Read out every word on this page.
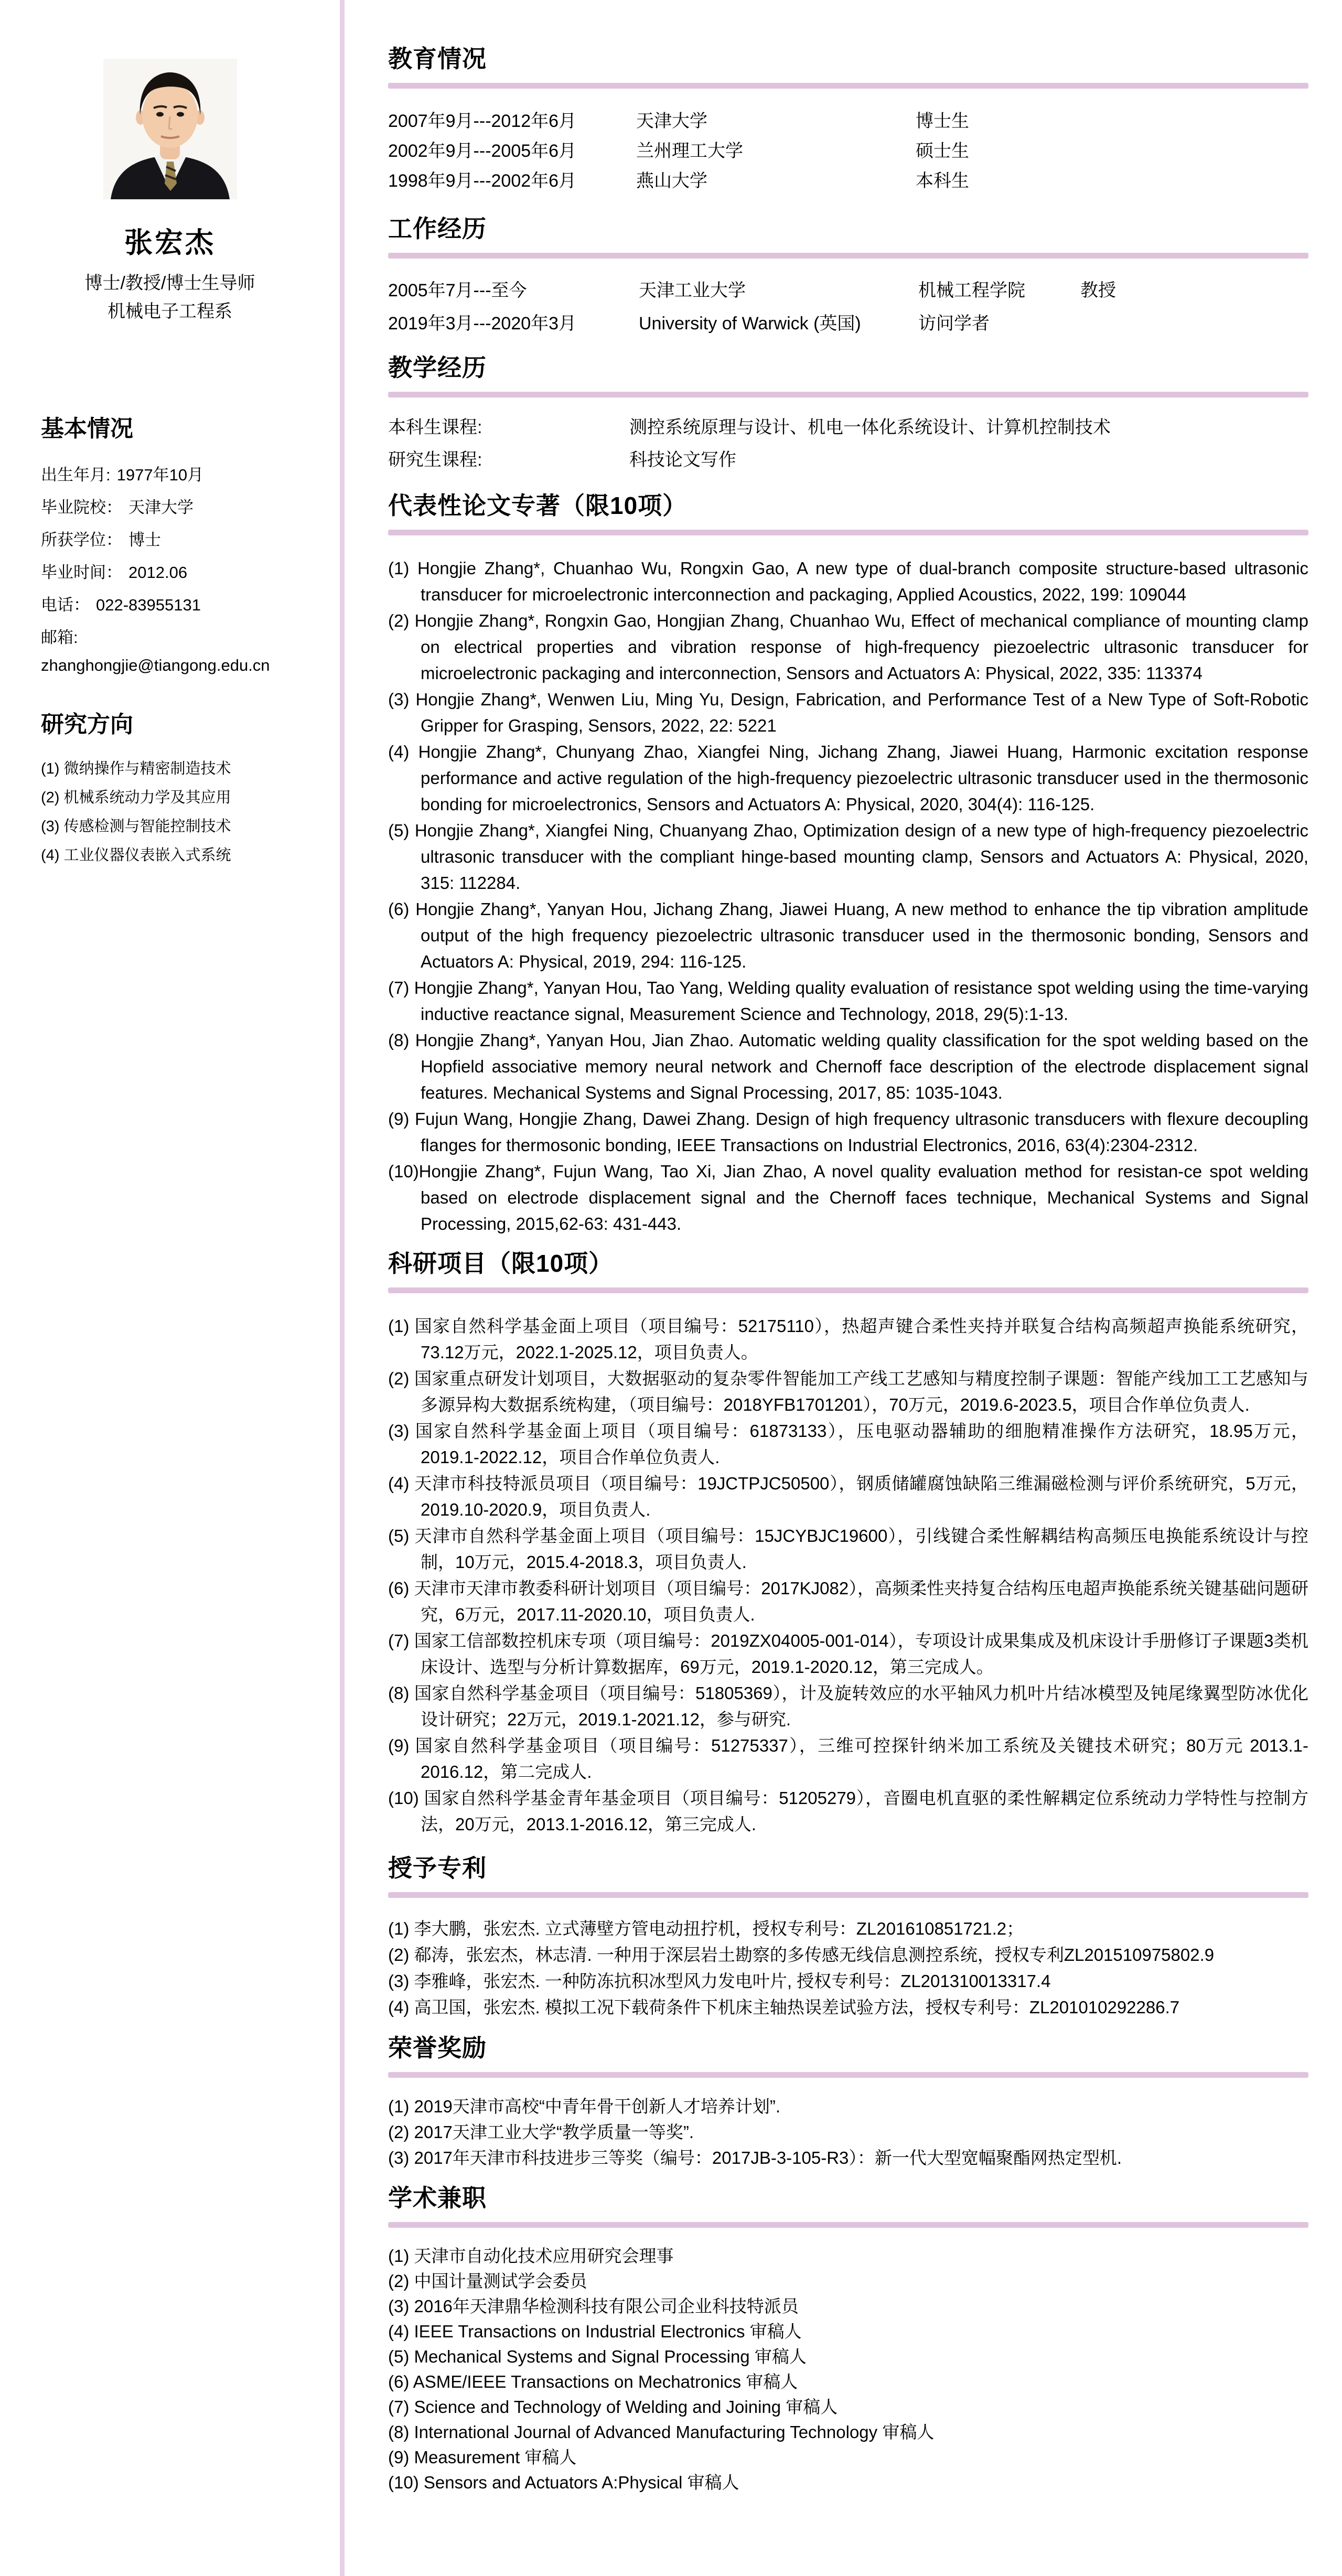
张宏杰
博士/教授/博士生导师
机械电子工程系
基本情况
出生年月: 1977年10月
毕业院校： 天津大学
所获学位： 博士
毕业时间： 2012.06
电话： 022-83955131
邮箱:
zhanghongjie@tiangong.edu.cn
研究方向
(1) 微纳操作与精密制造技术
(2) 机械系统动力学及其应用
(3) 传感检测与智能控制技术
(4) 工业仪器仪表嵌入式系统
教育情况
2007年9月---2012年6月	天津大学	博士生
2002年9月---2005年6月	兰州理工大学	硕士生
1998年9月---2002年6月	燕山大学	本科生
工作经历
2005年7月---至今	天津工业大学	机械工程学院	教授
2019年3月---2020年3月	University of Warwick (英国)	访问学者
教学经历
本科生课程:	测控系统原理与设计、机电一体化系统设计、计算机控制技术
研究生课程:	科技论文写作
代表性论文专著（限10项）
(1) Hongjie Zhang*, Chuanhao Wu, Rongxin Gao, A new type of dual-branch composite structure-based ultrasonic transducer for microelectronic interconnection and packaging, Applied Acoustics, 2022, 199: 109044
(2) Hongjie Zhang*, Rongxin Gao, Hongjian Zhang, Chuanhao Wu, Effect of mechanical compliance of mounting clamp on electrical properties and vibration response of high-frequency piezoelectric ultrasonic transducer for microelectronic packaging and interconnection, Sensors and Actuators A: Physical, 2022, 335: 113374
(3) Hongjie Zhang*, Wenwen Liu, Ming Yu, Design, Fabrication, and Performance Test of a New Type of Soft-Robotic Gripper for Grasping, Sensors, 2022, 22: 5221
(4) Hongjie Zhang*, Chunyang Zhao, Xiangfei Ning, Jichang Zhang, Jiawei Huang, Harmonic excitation response performance and active regulation of the high-frequency piezoelectric ultrasonic transducer used in the thermosonic bonding for microelectronics, Sensors and Actuators A: Physical, 2020, 304(4): 116-125.
(5) Hongjie Zhang*, Xiangfei Ning, Chuanyang Zhao, Optimization design of a new type of high-frequency piezoelectric ultrasonic transducer with the compliant hinge-based mounting clamp, Sensors and Actuators A: Physical, 2020, 315: 112284.
(6) Hongjie Zhang*, Yanyan Hou, Jichang Zhang, Jiawei Huang, A new method to enhance the tip vibration amplitude output of the high frequency piezoelectric ultrasonic transducer used in the thermosonic bonding, Sensors and Actuators A: Physical, 2019, 294: 116-125.
(7) Hongjie Zhang*, Yanyan Hou, Tao Yang, Welding quality evaluation of resistance spot welding using the time-varying inductive reactance signal, Measurement Science and Technology, 2018, 29(5):1-13.
(8) Hongjie Zhang*, Yanyan Hou, Jian Zhao. Automatic welding quality classification for the spot welding based on the Hopfield associative memory neural network and Chernoff face description of the electrode displacement signal features. Mechanical Systems and Signal Processing, 2017, 85: 1035-1043.
(9) Fujun Wang, Hongjie Zhang, Dawei Zhang. Design of high frequency ultrasonic transducers with flexure decoupling flanges for thermosonic bonding, IEEE Transactions on Industrial Electronics, 2016, 63(4):2304-2312.
(10)Hongjie Zhang*, Fujun Wang, Tao Xi, Jian Zhao, A novel quality evaluation method for resistan-ce spot welding based on electrode displacement signal and the Chernoff faces technique, Mechanical Systems and Signal Processing, 2015,62-63: 431-443.
科研项目（限10项）
(1) 国家自然科学基金面上项目（项目编号：52175110），热超声键合柔性夹持并联复合结构高频超声换能系统研究，73.12万元，2022.1-2025.12，项目负责人。
(2) 国家重点研发计划项目，大数据驱动的复杂零件智能加工产线工艺感知与精度控制子课题：智能产线加工工艺感知与多源异构大数据系统构建，（项目编号：2018YFB1701201），70万元，2019.6-2023.5，项目合作单位负责人.
(3) 国家自然科学基金面上项目（项目编号：61873133），压电驱动器辅助的细胞精准操作方法研究，18.95万元，2019.1-2022.12，项目合作单位负责人.
(4) 天津市科技特派员项目（项目编号：19JCTPJC50500），钢质储罐腐蚀缺陷三维漏磁检测与评价系统研究，5万元，2019.10-2020.9，项目负责人.
(5) 天津市自然科学基金面上项目（项目编号：15JCYBJC19600），引线键合柔性解耦结构高频压电换能系统设计与控制，10万元，2015.4-2018.3，项目负责人.
(6) 天津市天津市教委科研计划项目（项目编号：2017KJ082），高频柔性夹持复合结构压电超声换能系统关键基础问题研究，6万元，2017.11-2020.10，项目负责人.
(7) 国家工信部数控机床专项（项目编号：2019ZX04005-001-014），专项设计成果集成及机床设计手册修订子课题3类机床设计、选型与分析计算数据库，69万元，2019.1-2020.12，第三完成人。
(8) 国家自然科学基金项目（项目编号：51805369），计及旋转效应的水平轴风力机叶片结冰模型及钝尾缘翼型防冰优化设计研究；22万元，2019.1-2021.12，参与研究.
(9) 国家自然科学基金项目（项目编号：51275337），三维可控探针纳米加工系统及关键技术研究；80万元 2013.1-2016.12，第二完成人.
(10) 国家自然科学基金青年基金项目（项目编号：51205279），音圈电机直驱的柔性解耦定位系统动力学特性与控制方法，20万元，2013.1-2016.12，第三完成人.
授予专利
(1) 李大鹏，张宏杰. 立式薄壁方管电动扭拧机，授权专利号：ZL201610851721.2；
(2) 郗涛，张宏杰，林志清. 一种用于深层岩土勘察的多传感无线信息测控系统，授权专利ZL201510975802.9
(3) 李雅峰，张宏杰. 一种防冻抗积冰型风力发电叶片, 授权专利号：ZL201310013317.4
(4) 高卫国，张宏杰. 模拟工况下载荷条件下机床主轴热误差试验方法，授权专利号：ZL201010292286.7
荣誉奖励
(1) 2019天津市高校“中青年骨干创新人才培养计划”.
(2) 2017天津工业大学“教学质量一等奖”.
(3) 2017年天津市科技进步三等奖（编号：2017JB-3-105-R3）：新一代大型宽幅聚酯网热定型机.
学术兼职
(1) 天津市自动化技术应用研究会理事
(2) 中国计量测试学会委员
(3) 2016年天津鼎华检测科技有限公司企业科技特派员
(4) IEEE Transactions on Industrial Electronics 审稿人
(5) Mechanical Systems and Signal Processing 审稿人
(6) ASME/IEEE Transactions on Mechatronics 审稿人
(7) Science and Technology of Welding and Joining 审稿人
(8) International Journal of Advanced Manufacturing Technology 审稿人
(9) Measurement 审稿人
(10) Sensors and Actuators A:Physical 审稿人
